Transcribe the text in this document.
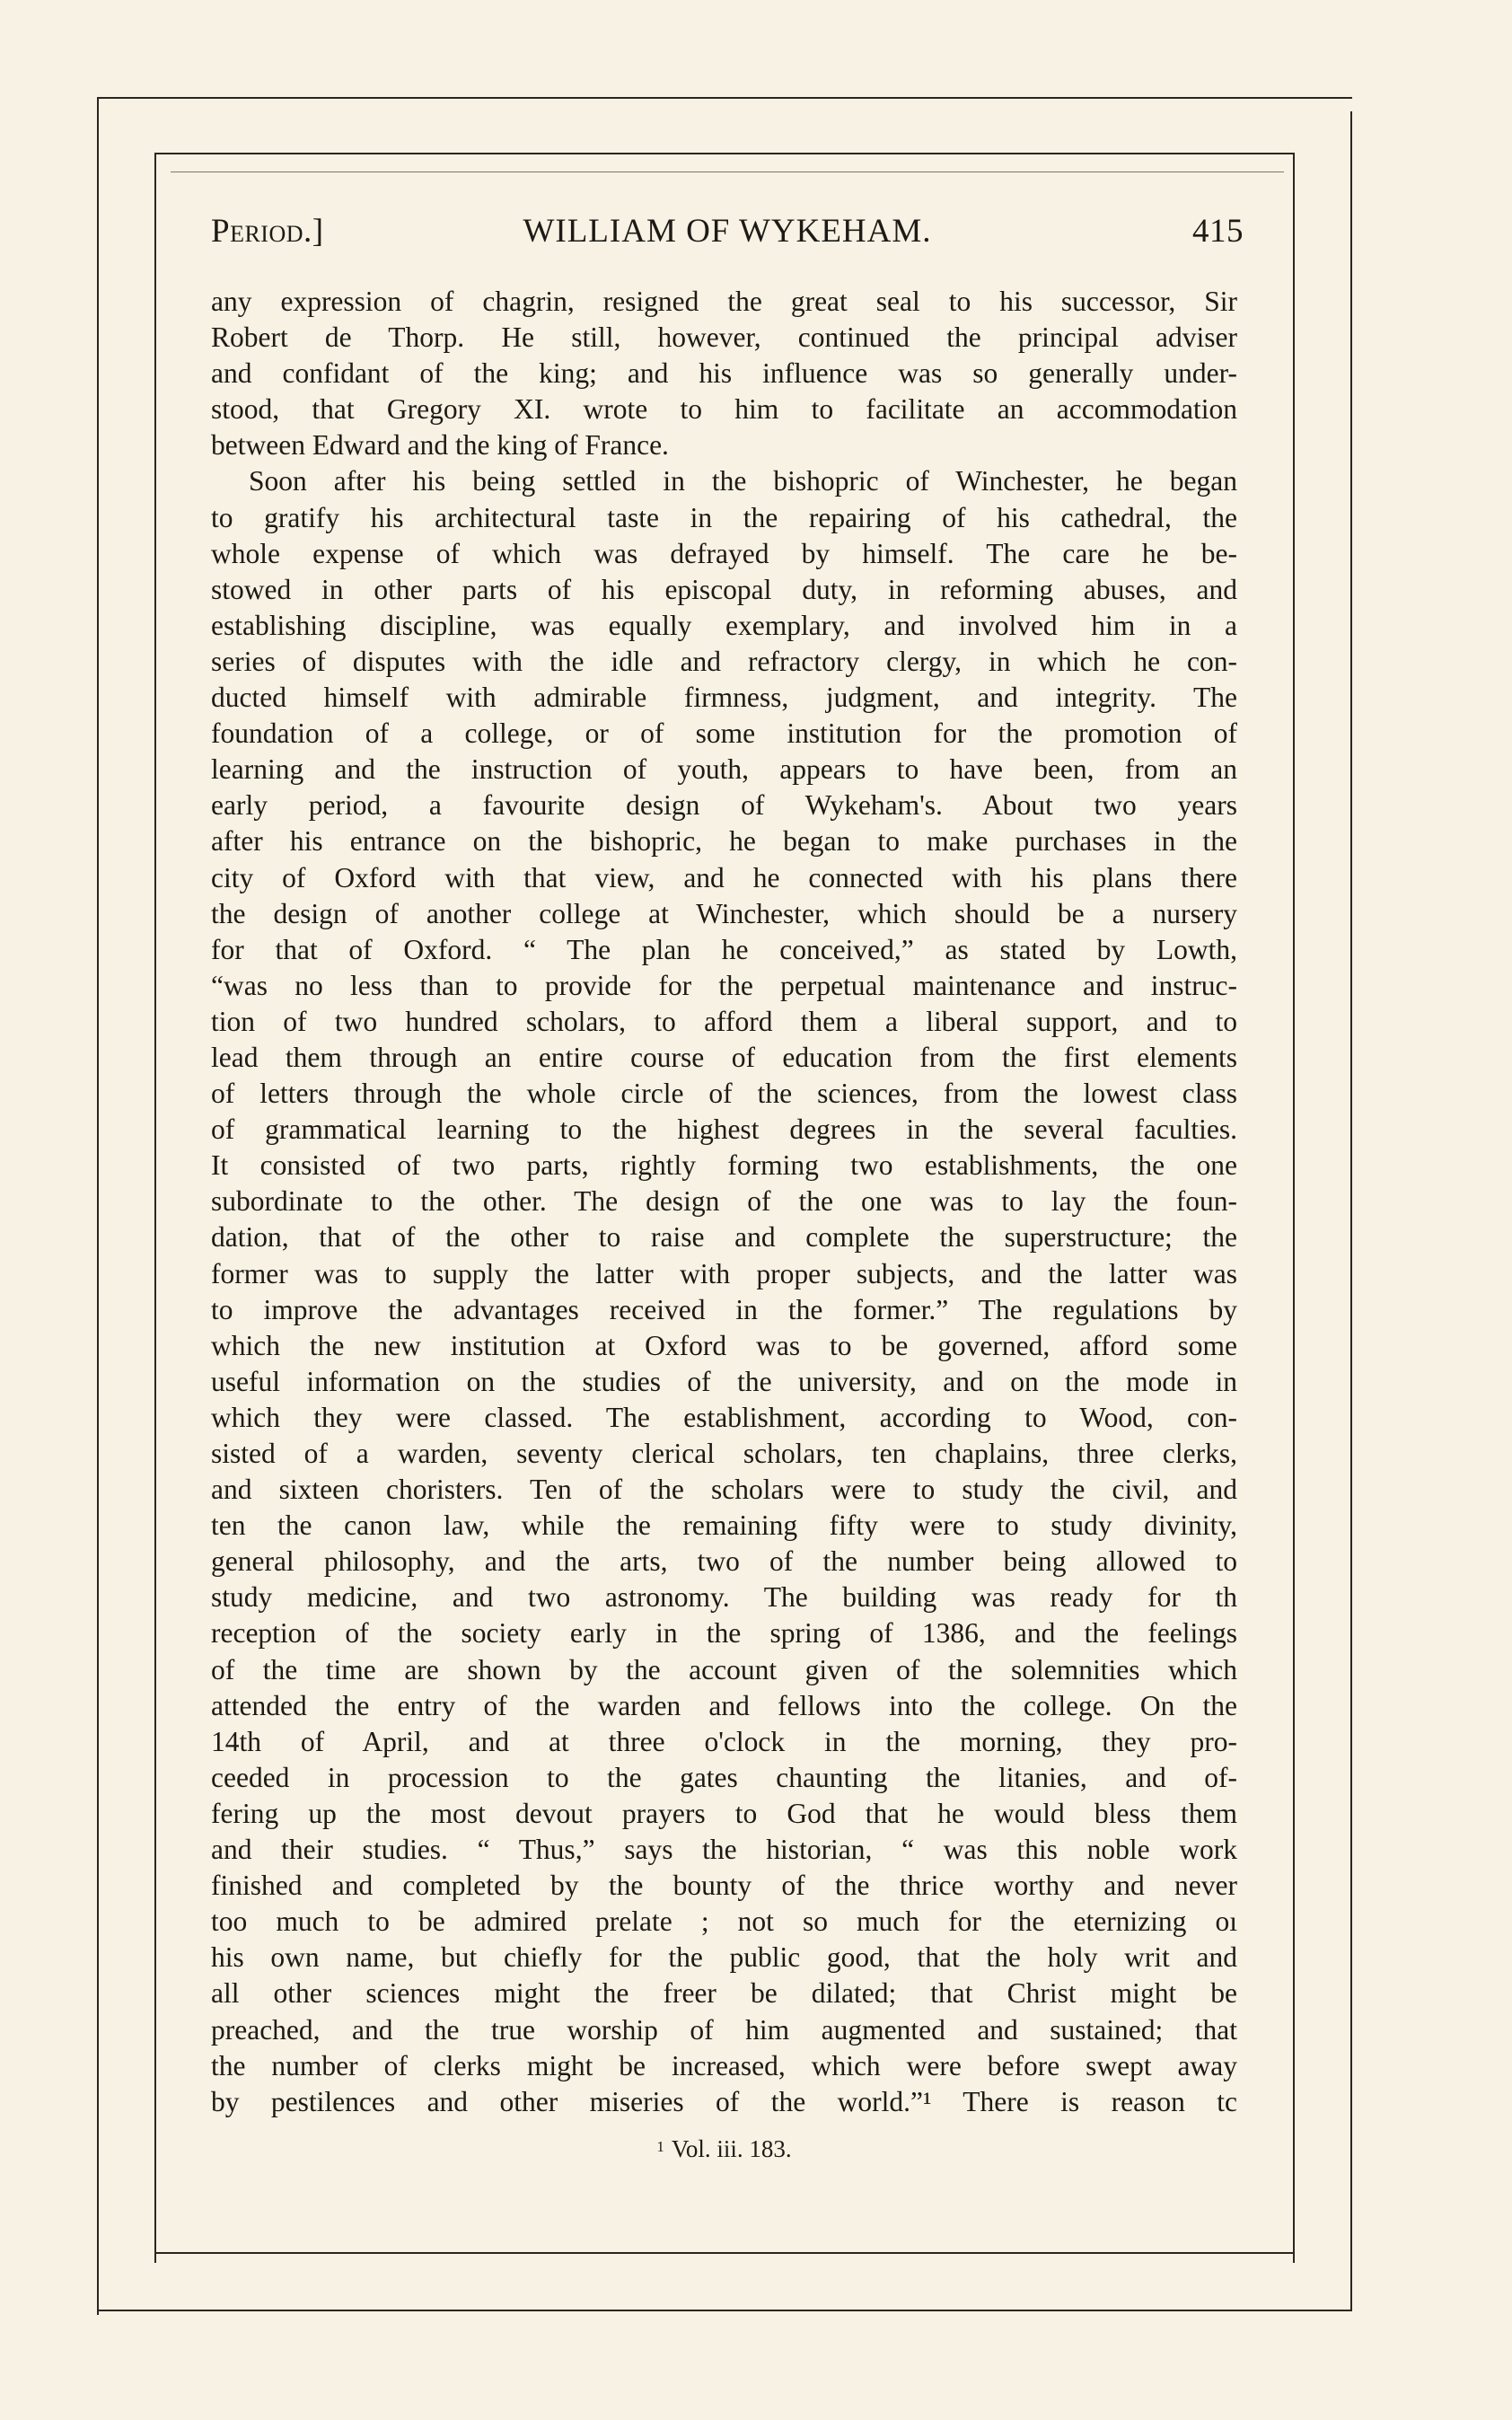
Period.]	WILLIAM OF WYKEHAM.	415
any expression of chagrin, resigned the great seal to his successor, Sir
Robert de Thorp. He still, however, continued the principal adviser
and confidant of the king; and his influence was so generally under-
stood, that Gregory XI. wrote to him to facilitate an accommodation
between Edward and the king of France.
Soon after his being settled in the bishopric of Winchester, he began
to gratify his architectural taste in the repairing of his cathedral, the
whole expense of which was defrayed by himself. The care he be-
stowed in other parts of his episcopal duty, in reforming abuses, and
establishing discipline, was equally exemplary, and involved him in a
series of disputes with the idle and refractory clergy, in which he con-
ducted himself with admirable firmness, judgment, and integrity. The
foundation of a college, or of some institution for the promotion of
learning and the instruction of youth, appears to have been, from an
early period, a favourite design of Wykeham's. About two years
after his entrance on the bishopric, he began to make purchases in the
city of Oxford with that view, and he connected with his plans there
the design of another college at Winchester, which should be a nursery
for that of Oxford. “ The plan he conceived,” as stated by Lowth,
“was no less than to provide for the perpetual maintenance and instruc-
tion of two hundred scholars, to afford them a liberal support, and to
lead them through an entire course of education from the first elements
of letters through the whole circle of the sciences, from the lowest class
of grammatical learning to the highest degrees in the several faculties.
It consisted of two parts, rightly forming two establishments, the one
subordinate to the other. The design of the one was to lay the foun-
dation, that of the other to raise and complete the superstructure; the
former was to supply the latter with proper subjects, and the latter was
to improve the advantages received in the former.” The regulations by
which the new institution at Oxford was to be governed, afford some
useful information on the studies of the university, and on the mode in
which they were classed. The establishment, according to Wood, con-
sisted of a warden, seventy clerical scholars, ten chaplains, three clerks,
and sixteen choristers. Ten of the scholars were to study the civil, and
ten the canon law, while the remaining fifty were to study divinity,
general philosophy, and the arts, two of the number being allowed to
study medicine, and two astronomy. The building was ready for th
reception of the society early in the spring of 1386, and the feelings
of the time are shown by the account given of the solemnities which
attended the entry of the warden and fellows into the college. On the
14th of April, and at three o'clock in the morning, they pro-
ceeded in procession to the gates chaunting the litanies, and of-
fering up the most devout prayers to God that he would bless them
and their studies. “ Thus,” says the historian, “ was this noble work
finished and completed by the bounty of the thrice worthy and never
too much to be admired prelate ; not so much for the eternizing oı
his own name, but chiefly for the public good, that the holy writ and
all other sciences might the freer be dilated; that Christ might be
preached, and the true worship of him augmented and sustained; that
the number of clerks might be increased, which were before swept away
by pestilences and other miseries of the world.”¹ There is reason tc
$^1$ Vol. iii. 183.
